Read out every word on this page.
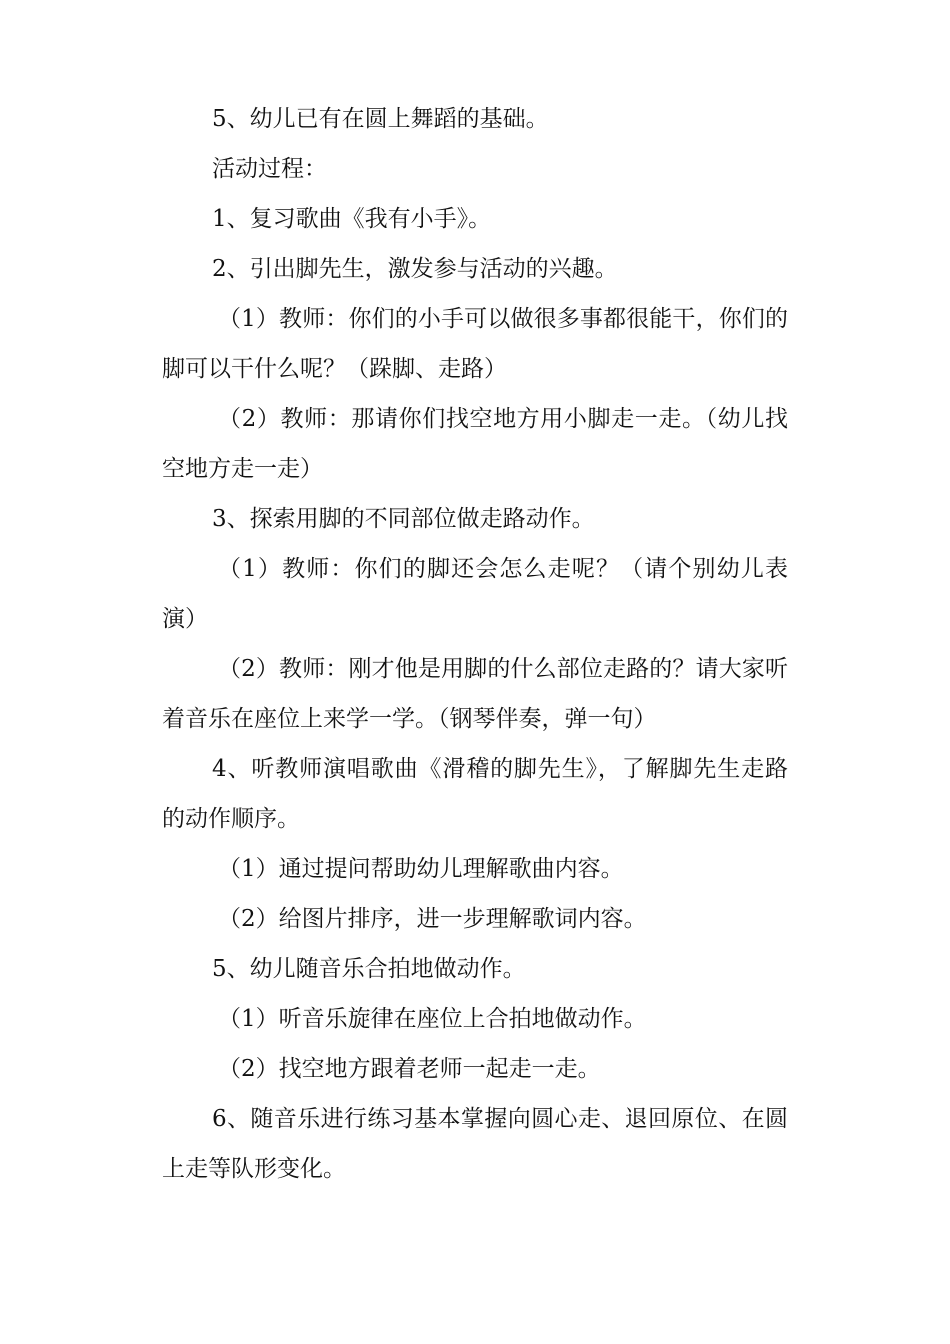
5、幼儿已有在圆上舞蹈的基础。

活动过程：

1、复习歌曲《我有小手》。

2、引出脚先生，激发参与活动的兴趣。

（1）教师：你们的小手可以做很多事都很能干，你们的脚可以干什么呢？（跺脚、走路）

（2）教师：那请你们找空地方用小脚走一走。（幼儿找空地方走一走）

3、探索用脚的不同部位做走路动作。

（1）教师：你们的脚还会怎么走呢？（请个别幼儿表演）

（2）教师：刚才他是用脚的什么部位走路的？请大家听着音乐在座位上来学一学。（钢琴伴奏，弹一句）

4、听教师演唱歌曲《滑稽的脚先生》，了解脚先生走路的动作顺序。

（1）通过提问帮助幼儿理解歌曲内容。

（2）给图片排序，进一步理解歌词内容。

5、幼儿随音乐合拍地做动作。

（1）听音乐旋律在座位上合拍地做动作。

（2）找空地方跟着老师一起走一走。

6、随音乐进行练习基本掌握向圆心走、退回原位、在圆上走等队形变化。
